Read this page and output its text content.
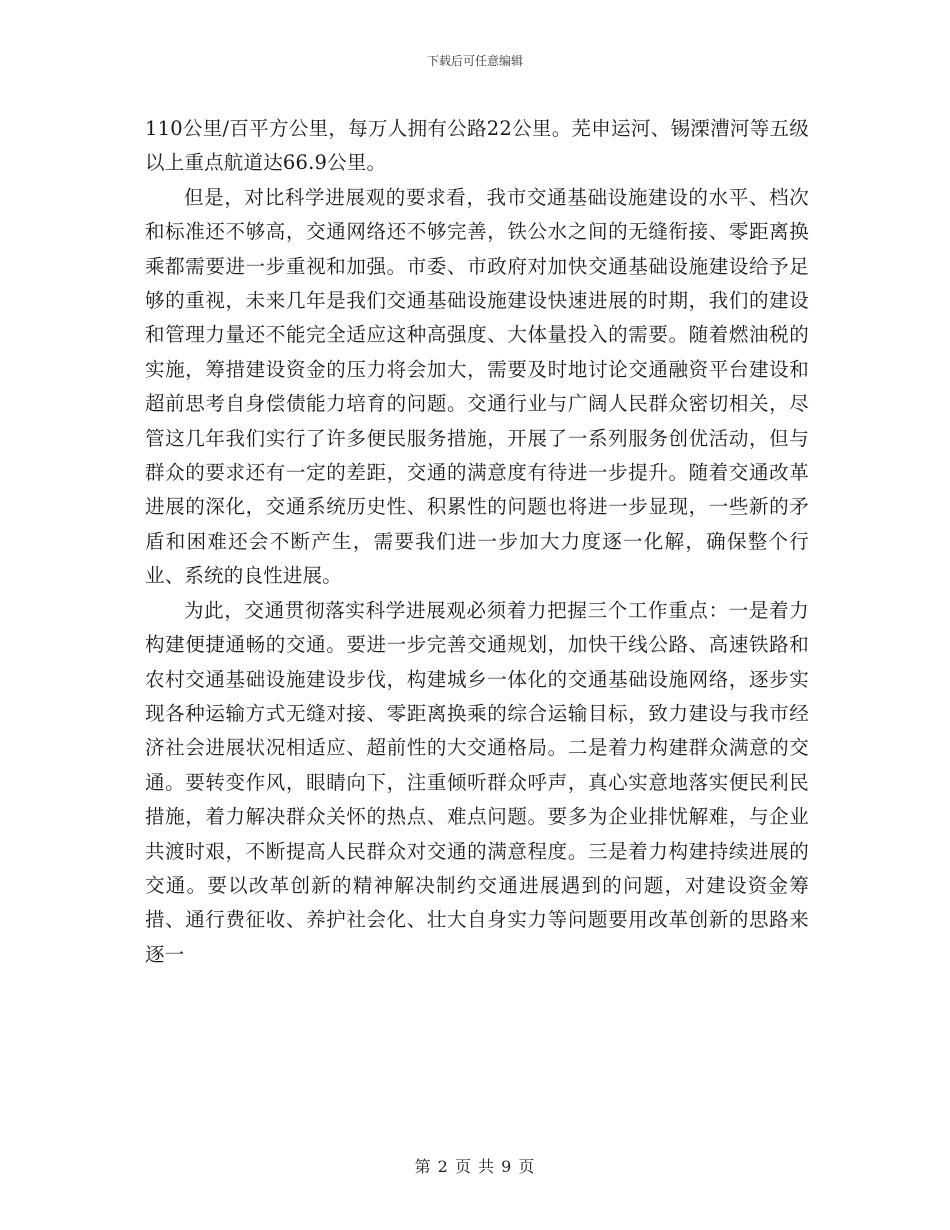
下载后可任意编辑

110公里/百平方公里，每万人拥有公路22公里。芜申运河、锡溧漕河等五级以上重点航道达66.9公里。

但是，对比科学进展观的要求看，我市交通基础设施建设的水平、档次和标准还不够高，交通网络还不够完善，铁公水之间的无缝衔接、零距离换乘都需要进一步重视和加强。市委、市政府对加快交通基础设施建设给予足够的重视，未来几年是我们交通基础设施建设快速进展的时期，我们的建设和管理力量还不能完全适应这种高强度、大体量投入的需要。随着燃油税的实施，筹措建设资金的压力将会加大，需要及时地讨论交通融资平台建设和超前思考自身偿债能力培育的问题。交通行业与广阔人民群众密切相关，尽管这几年我们实行了许多便民服务措施，开展了一系列服务创优活动，但与群众的要求还有一定的差距，交通的满意度有待进一步提升。随着交通改革进展的深化，交通系统历史性、积累性的问题也将进一步显现，一些新的矛盾和困难还会不断产生，需要我们进一步加大力度逐一化解，确保整个行业、系统的良性进展。

为此，交通贯彻落实科学进展观必须着力把握三个工作重点：一是着力构建便捷通畅的交通。要进一步完善交通规划，加快干线公路、高速铁路和农村交通基础设施建设步伐，构建城乡一体化的交通基础设施网络，逐步实现各种运输方式无缝对接、零距离换乘的综合运输目标，致力建设与我市经济社会进展状况相适应、超前性的大交通格局。二是着力构建群众满意的交通。要转变作风，眼睛向下，注重倾听群众呼声，真心实意地落实便民利民措施，着力解决群众关怀的热点、难点问题。要多为企业排忧解难，与企业共渡时艰，不断提高人民群众对交通的满意程度。三是着力构建持续进展的交通。要以改革创新的精神解决制约交通进展遇到的问题，对建设资金筹措、通行费征收、养护社会化、壮大自身实力等问题要用改革创新的思路来逐一

第 2 页 共 9 页
